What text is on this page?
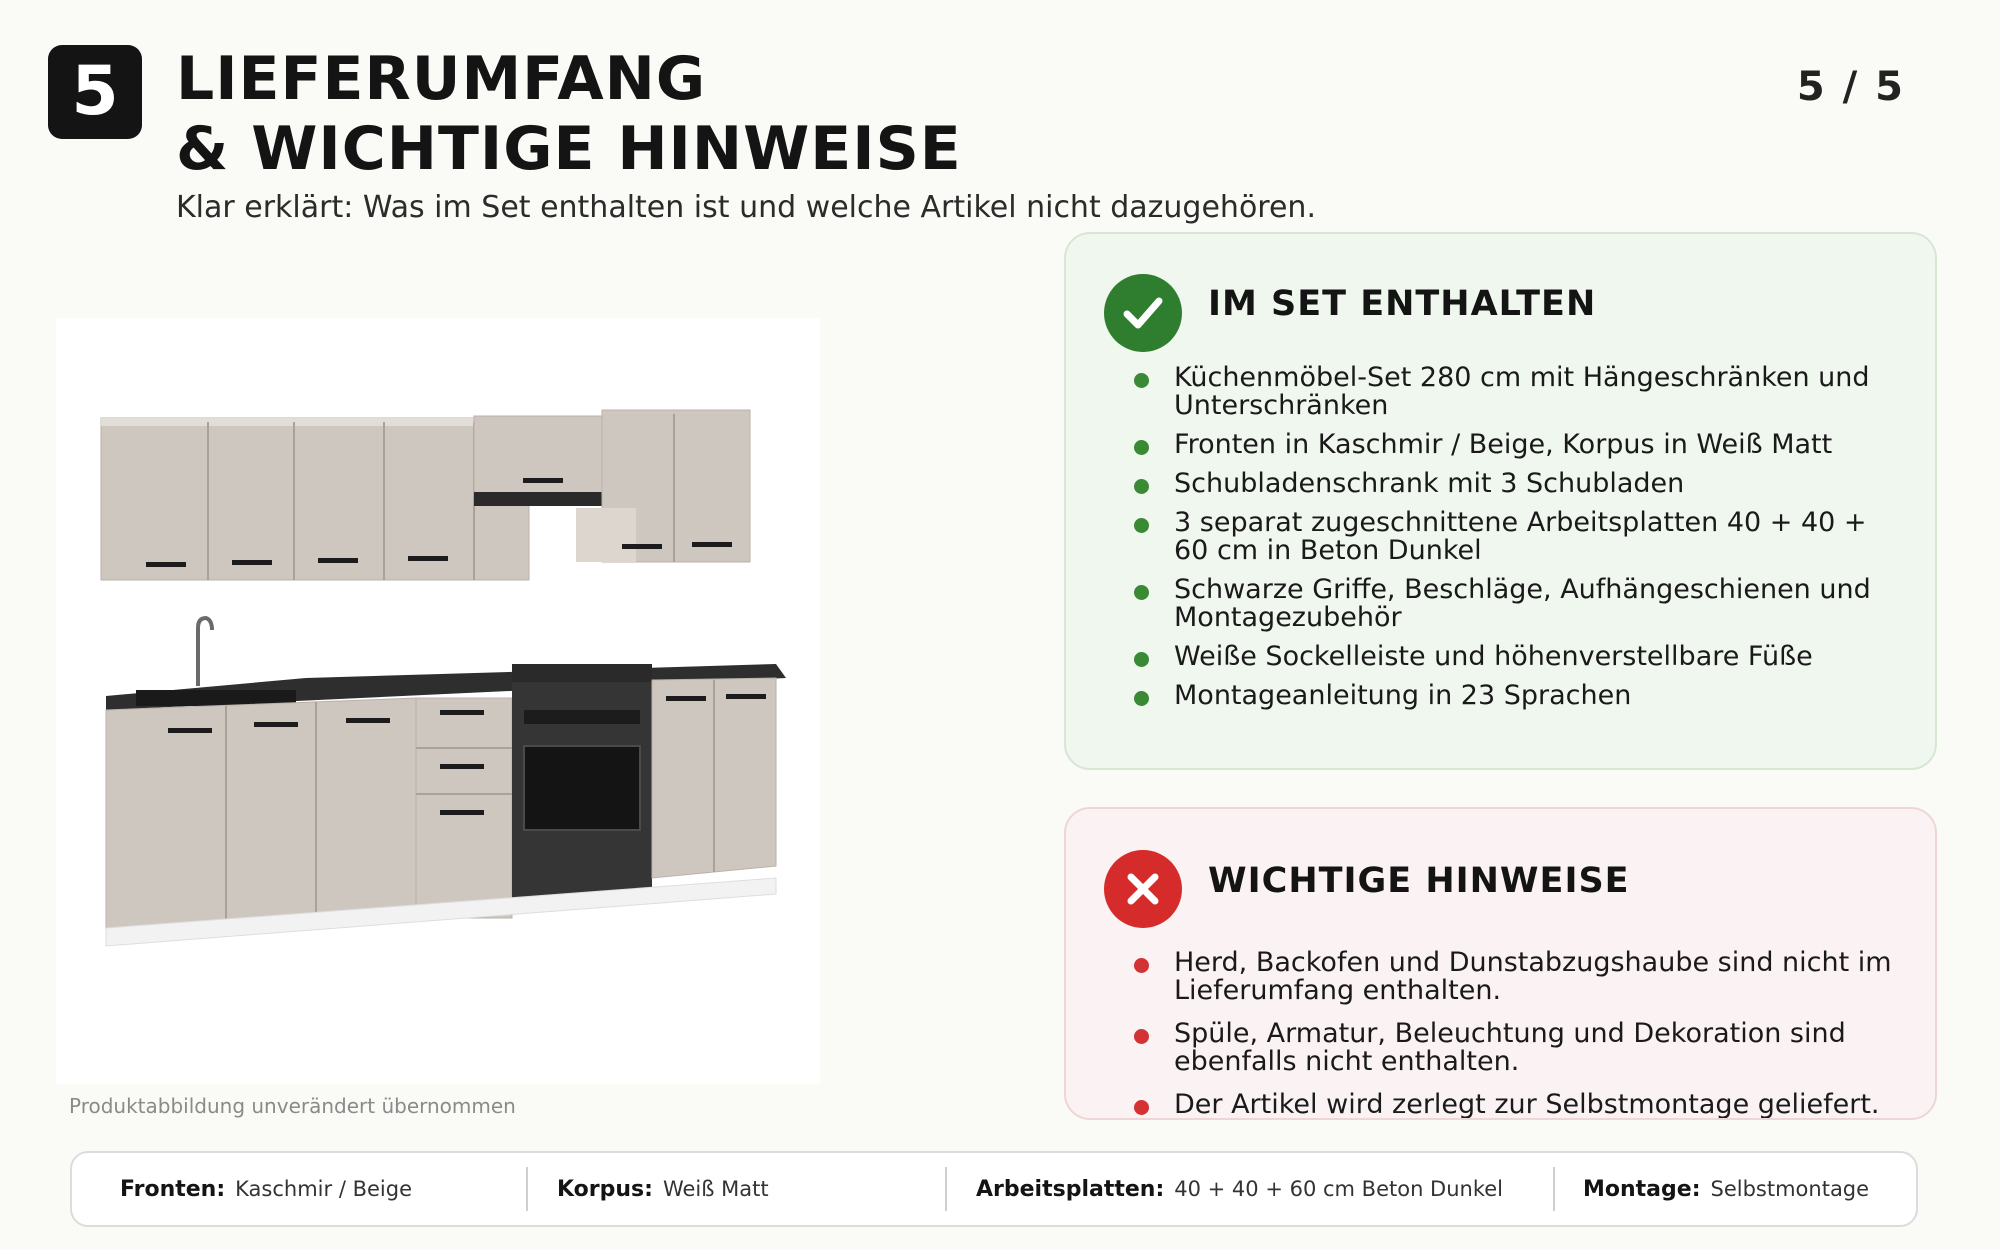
5 LIEFERUMFANG
& WICHTIGE HINWEISE
5 / 5
Klar erklärt: Was im Set enthalten ist und welche Artikel nicht dazugehören.
Produktabbildung unverändert übernommen
IM SET ENTHALTEN
Küchenmöbel-Set 280 cm mit Hängeschränken und Unterschränken
Fronten in Kaschmir / Beige, Korpus in Weiß Matt
Schubladenschrank mit 3 Schubladen
3 separat zugeschnittene Arbeitsplatten 40 + 40 + 60 cm in Beton Dunkel
Schwarze Griffe, Beschläge, Aufhängeschienen und Montagezubehör
Weiße Sockelleiste und höhenverstellbare Füße
Montageanleitung in 23 Sprachen
WICHTIGE HINWEISE
Herd, Backofen und Dunstabzugshaube sind nicht im Lieferumfang enthalten.
Spüle, Armatur, Beleuchtung und Dekoration sind ebenfalls nicht enthalten.
Der Artikel wird zerlegt zur Selbstmontage geliefert.
Fronten: Kaschmir / Beige	Korpus: Weiß Matt	Arbeitsplatten: 40 + 40 + 60 cm Beton Dunkel	Montage: Selbstmontage
